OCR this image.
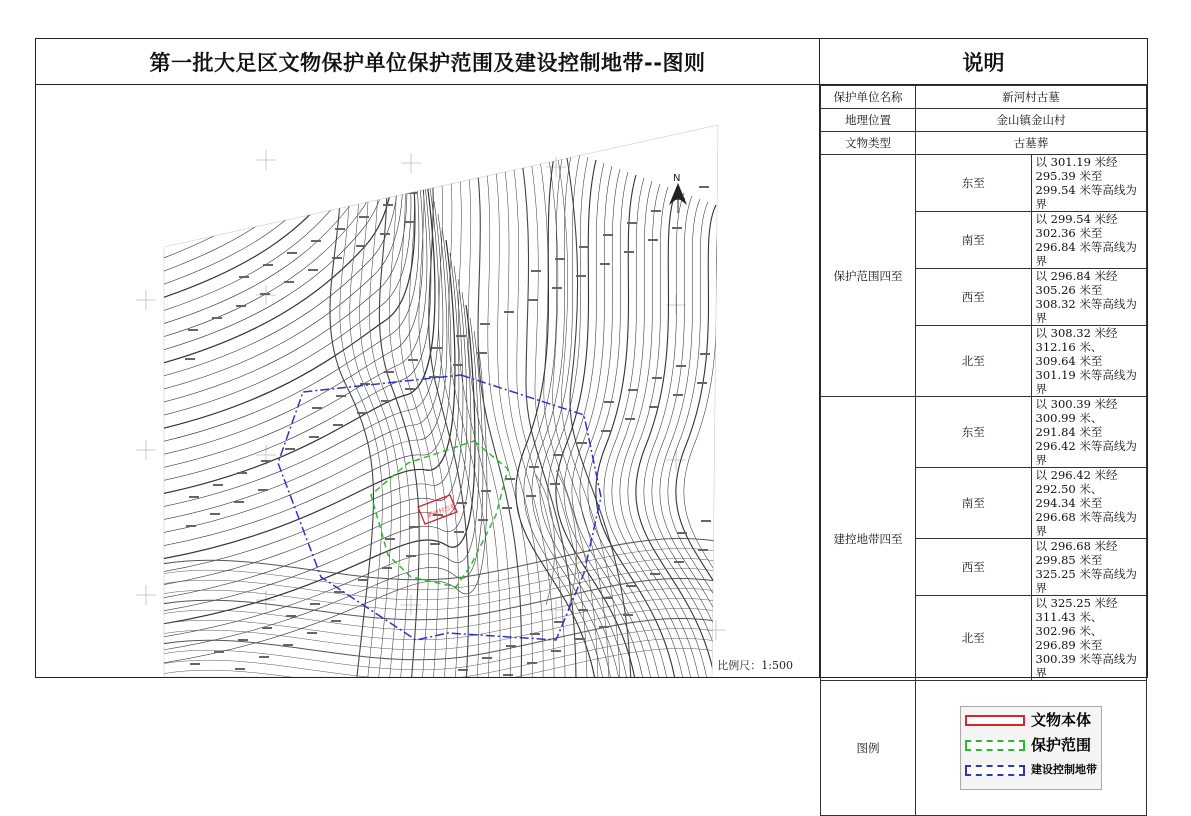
第一批大足区文物保护单位保护范围及建设控制地带--图则	说明
新河村古墓
N
比例尺：1:500
保护单位名称	新河村古墓	
地理位置	金山镇金山村	
文物类型	古墓葬	
保护范围四至	东至	以 301.19 米经 295.39 米至 299.54 米等高线为界
	南至	以 299.54 米经 302.36 米至 296.84 米等高线为界
	西至	以 296.84 米经 305.26 米至 308.32 米等高线为界
	北至	以 308.32 米经 312.16 米、309.64 米至 301.19 米等高线为界
建控地带四至	东至	以 300.39 米经 300.99 米、291.84 米至 296.42 米等高线为界
	南至	以 296.42 米经 292.50 米、294.34 米至 296.68 米等高线为界
	西至	以 296.68 米经 299.85 米至 325.25 米等高线为界
	北至	以 325.25 米经 311.43 米、302.96 米、296.89 米至 300.39 米等高线为界
图例	文物本体
保护范围
建设控制地带	
